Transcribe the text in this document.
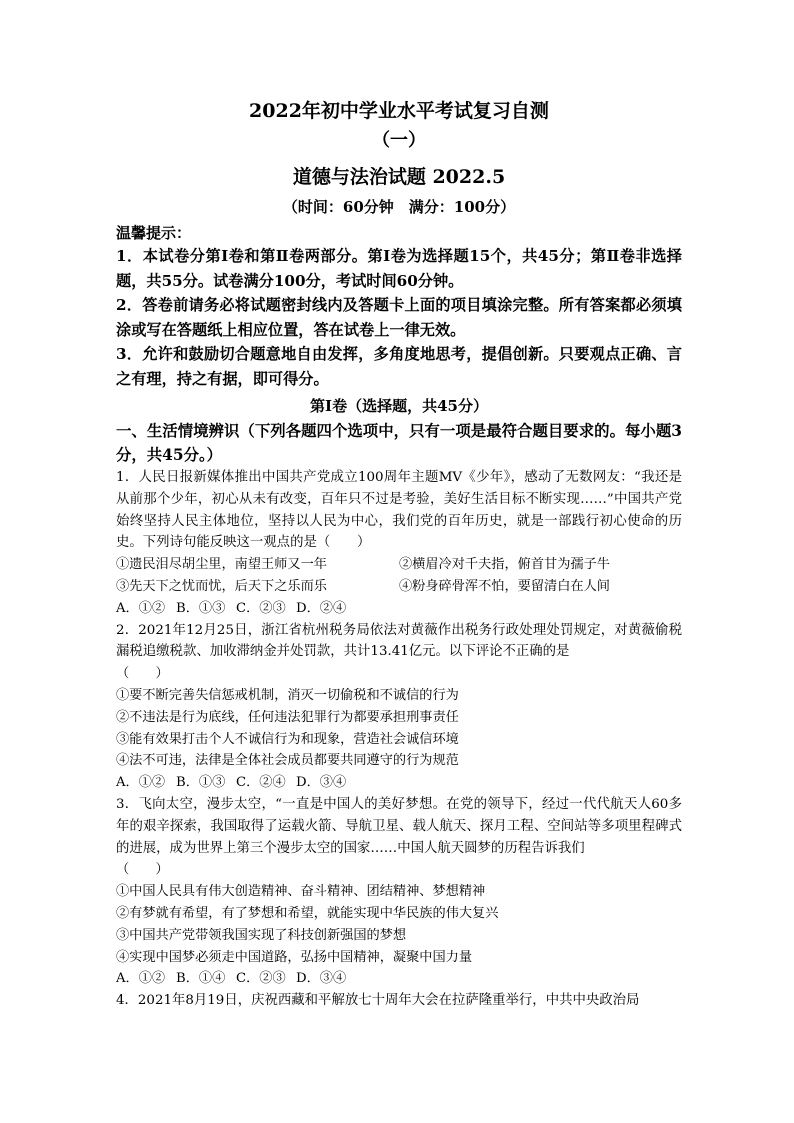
2022年初中学业水平考试复习自测

（一）

道德与法治试题 2022.5

（时间：60分钟　满分：100分）

温馨提示：
1．本试卷分第Ⅰ卷和第Ⅱ卷两部分。第Ⅰ卷为选择题15个，共45分；第Ⅱ卷非选择题，共55分。试卷满分100分，考试时间60分钟。
2．答卷前请务必将试题密封线内及答题卡上面的项目填涂完整。所有答案都必须填涂或写在答题纸上相应位置，答在试卷上一律无效。
3．允许和鼓励切合题意地自由发挥，多角度地思考，提倡创新。只要观点正确、言之有理，持之有据，即可得分。
第Ⅰ卷（选择题，共45分）
一、生活情境辨识（下列各题四个选项中，只有一项是最符合题目要求的。每小题3分，共45分。）
1．人民日报新媒体推出中国共产党成立100周年主题MV《少年》，感动了无数网友：“我还是从前那个少年，初心从未有改变，百年只不过是考验，美好生活目标不断实现……”中国共产党始终坚持人民主体地位，坚持以人民为中心，我们党的百年历史，就是一部践行初心使命的历史。下列诗句能反映这一观点的是（　　）
①遗民泪尽胡尘里，南望王师又一年	②横眉冷对千夫指，俯首甘为孺子牛
③先天下之忧而忧，后天下之乐而乐	④粉身碎骨浑不怕，要留清白在人间
A．①② B．①③ C．②③ D．②④
2．2021年12月25日，浙江省杭州税务局依法对黄薇作出税务行政处理处罚规定，对黄薇偷税漏税追缴税款、加收滞纳金并处罚款，共计13.41亿元。以下评论不正确的是
（　　）
①要不断完善失信惩戒机制，消灭一切偷税和不诚信的行为
②不违法是行为底线，任何违法犯罪行为都要承担刑事责任
③能有效果打击个人不诚信行为和现象，营造社会诚信环境
④法不可违，法律是全体社会成员都要共同遵守的行为规范
A．①② B．①③ C．②④ D．③④
3．飞向太空，漫步太空，“一直是中国人的美好梦想。在党的领导下，经过一代代航天人60多年的艰辛探索，我国取得了运载火箭、导航卫星、载人航天、探月工程、空间站等多项里程碑式的进展，成为世界上第三个漫步太空的国家……中国人航天圆梦的历程告诉我们
（　　）
①中国人民具有伟大创造精神、奋斗精神、团结精神、梦想精神
②有梦就有希望，有了梦想和希望，就能实现中华民族的伟大复兴
③中国共产党带领我国实现了科技创新强国的梦想
④实现中国梦必须走中国道路，弘扬中国精神，凝聚中国力量
A．①② B．①④ C．②③ D．③④
4．2021年8月19日，庆祝西藏和平解放七十周年大会在拉萨隆重举行，中共中央政治局
